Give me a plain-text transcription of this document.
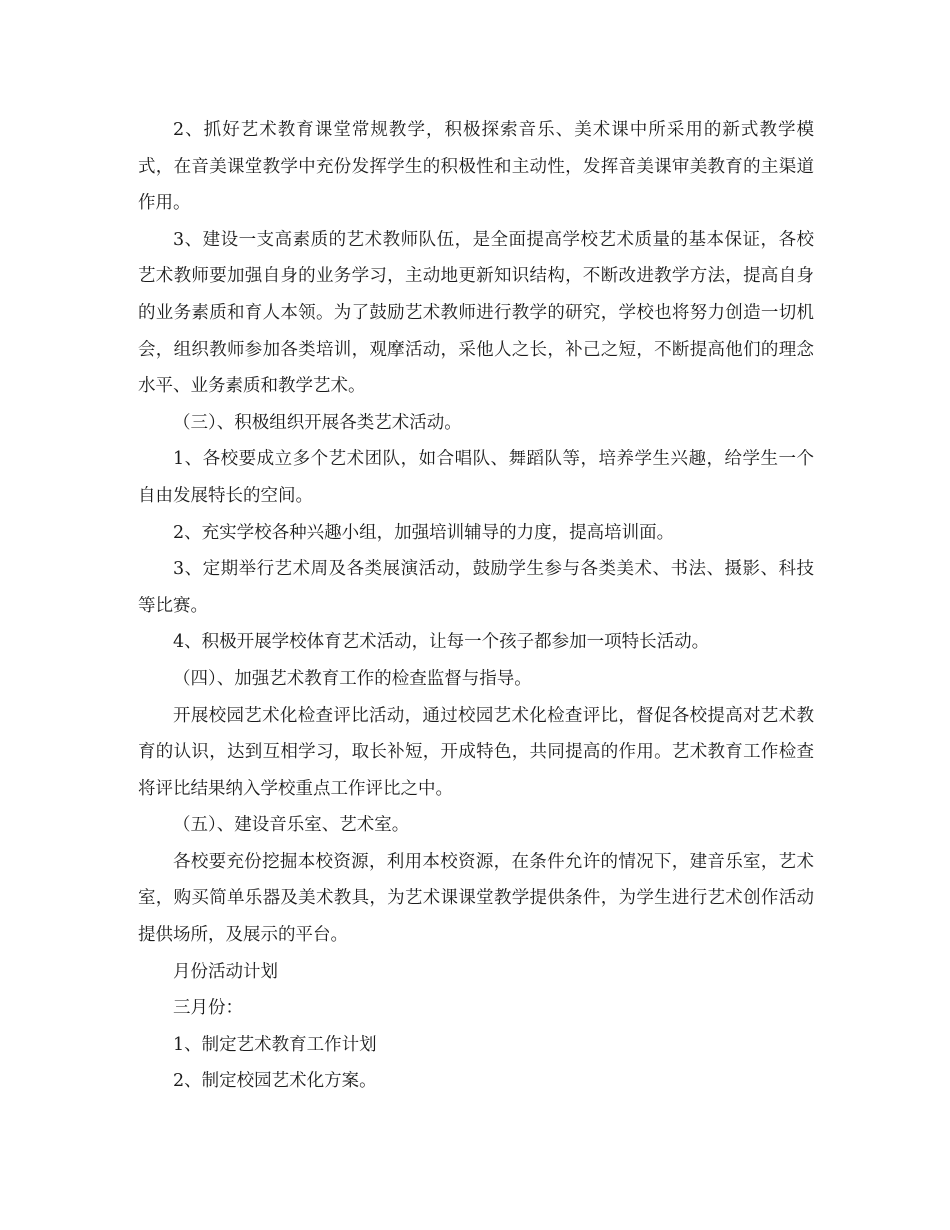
2、抓好艺术教育课堂常规教学，积极探索音乐、美术课中所采用的新式教学模式，在音美课堂教学中充份发挥学生的积极性和主动性，发挥音美课审美教育的主渠道作用。

3、建设一支高素质的艺术教师队伍，是全面提高学校艺术质量的基本保证，各校艺术教师要加强自身的业务学习，主动地更新知识结构，不断改进教学方法，提高自身的业务素质和育人本领。为了鼓励艺术教师进行教学的研究，学校也将努力创造一切机会，组织教师参加各类培训，观摩活动，采他人之长，补己之短，不断提高他们的理念水平、业务素质和教学艺术。

（三）、积极组织开展各类艺术活动。

1、各校要成立多个艺术团队，如合唱队、舞蹈队等，培养学生兴趣，给学生一个自由发展特长的空间。

2、充实学校各种兴趣小组，加强培训辅导的力度，提高培训面。

3、定期举行艺术周及各类展演活动，鼓励学生参与各类美术、书法、摄影、科技等比赛。

4、积极开展学校体育艺术活动，让每一个孩子都参加一项特长活动。

（四）、加强艺术教育工作的检查监督与指导。

开展校园艺术化检查评比活动，通过校园艺术化检查评比，督促各校提高对艺术教育的认识，达到互相学习，取长补短，开成特色，共同提高的作用。艺术教育工作检查将评比结果纳入学校重点工作评比之中。

（五）、建设音乐室、艺术室。

各校要充份挖掘本校资源，利用本校资源，在条件允许的情况下，建音乐室，艺术室，购买简单乐器及美术教具，为艺术课课堂教学提供条件，为学生进行艺术创作活动提供场所，及展示的平台。

月份活动计划

三月份：

1、制定艺术教育工作计划

2、制定校园艺术化方案。
